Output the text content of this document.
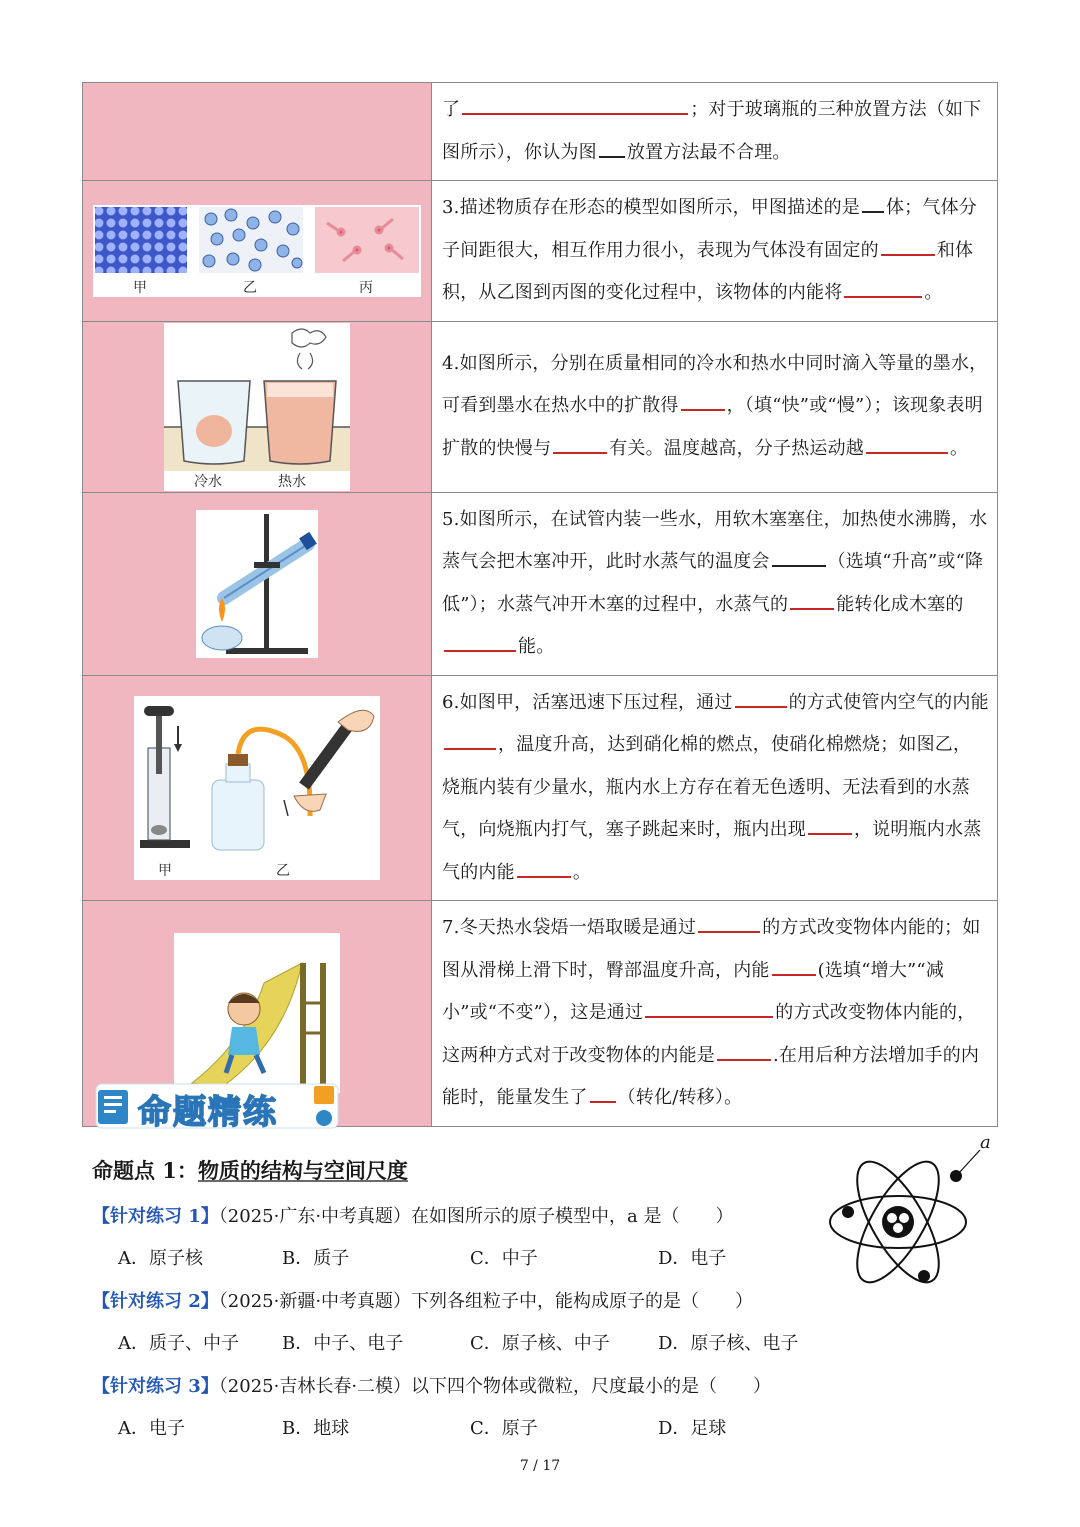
	了 ；对于玻璃瓶的三种放置方法（如下图所示），你认为图 放置方法最不合理。

甲 乙 丙	3.描述物质存在形态的模型如图所示，甲图描述的是 体；气体分子间距很大，相互作用力很小，表现为气体没有固定的 和体积，从乙图到丙图的变化过程中，该物体的内能将 。

冷水 热水	4.如图所示，分别在质量相同的冷水和热水中同时滴入等量的墨水，可看到墨水在热水中的扩散得 ，（填“快”或“慢”）；该现象表明扩散的快慢与 有关。温度越高，分子热运动越 。

	5.如图所示，在试管内装一些水，用软木塞塞住，加热使水沸腾，水蒸气会把木塞冲开，此时水蒸气的温度会 （选填“升高”或“降低”）；水蒸气冲开木塞的过程中，水蒸气的 能转化成木塞的能。

甲 乙	6.如图甲，活塞迅速下压过程，通过 的方式使管内空气的内能，温度升高，达到硝化棉的燃点，使硝化棉燃烧；如图乙，烧瓶内装有少量水，瓶内水上方存在着无色透明、无法看到的水蒸气，向烧瓶内打气，塞子跳起来时，瓶内出现 ，说明瓶内水蒸气的内能 。

	7.冬天热水袋焐一焐取暖是通过 的方式改变物体内能的；如图从滑梯上滑下时，臀部温度升高，内能 (选填“增大”“减小”或“不变”），这是通过 的方式改变物体内能的，这两种方式对于改变物体的内能是 .在用后种方法增加手的内能时，能量发生了 （转化/转移）。
命题精练
命题点 1：物质的结构与空间尺度
a
【针对练习 1】（2025·广东·中考真题）在如图所示的原子模型中，a 是（　　）
A．原子核	B．质子	C．中子	D．电子
【针对练习 2】（2025·新疆·中考真题）下列各组粒子中，能构成原子的是（　　）
A．质子、中子 B．中子、电子	C．原子核、中子	D．原子核、电子
【针对练习 3】（2025·吉林长春·二模）以下四个物体或微粒，尺度最小的是（　　）
A．电子	B．地球	C．原子	D．足球
7 / 17
